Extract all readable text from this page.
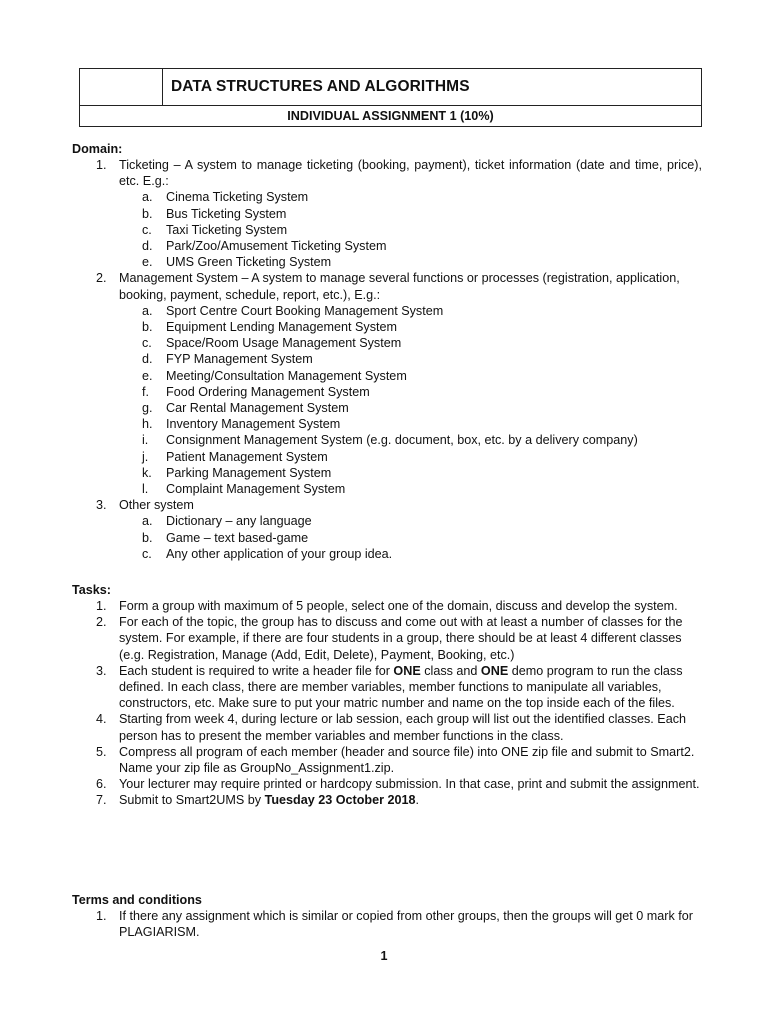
	DATA STRUCTURES AND ALGORITHMS
INDIVIDUAL ASSIGNMENT 1 (10%)
Domain:
1. Ticketing – A system to manage ticketing (booking, payment), ticket information (date and time, price), etc. E.g.:
a. Cinema Ticketing System
b. Bus Ticketing System
c. Taxi Ticketing System
d. Park/Zoo/Amusement Ticketing System
e. UMS Green Ticketing System
2. Management System – A system to manage several functions or processes (registration, application, booking, payment, schedule, report, etc.), E.g.:
a. Sport Centre Court Booking Management System
b. Equipment Lending Management System
c. Space/Room Usage Management System
d. FYP Management System
e. Meeting/Consultation Management System
f. Food Ordering Management System
g. Car Rental Management System
h. Inventory Management System
i. Consignment Management System (e.g. document, box, etc. by a delivery company)
j. Patient Management System
k. Parking Management System
l. Complaint Management System
3. Other system
a. Dictionary – any language
b. Game – text based-game
c. Any other application of your group idea.
Tasks:
1. Form a group with maximum of 5 people, select one of the domain, discuss and develop the system.
2. For each of the topic, the group has to discuss and come out with at least a number of classes for the system. For example, if there are four students in a group, there should be at least 4 different classes (e.g. Registration, Manage (Add, Edit, Delete), Payment, Booking, etc.)
3. Each student is required to write a header file for ONE class and ONE demo program to run the class defined. In each class, there are member variables, member functions to manipulate all variables, constructors, etc. Make sure to put your matric number and name on the top inside each of the files.
4. Starting from week 4, during lecture or lab session, each group will list out the identified classes. Each person has to present the member variables and member functions in the class.
5. Compress all program of each member (header and source file) into ONE zip file and submit to Smart2. Name your zip file as GroupNo_Assignment1.zip.
6. Your lecturer may require printed or hardcopy submission. In that case, print and submit the assignment.
7. Submit to Smart2UMS by Tuesday 23 October 2018.
Terms and conditions
1. If there any assignment which is similar or copied from other groups, then the groups will get 0 mark for PLAGIARISM.
1
